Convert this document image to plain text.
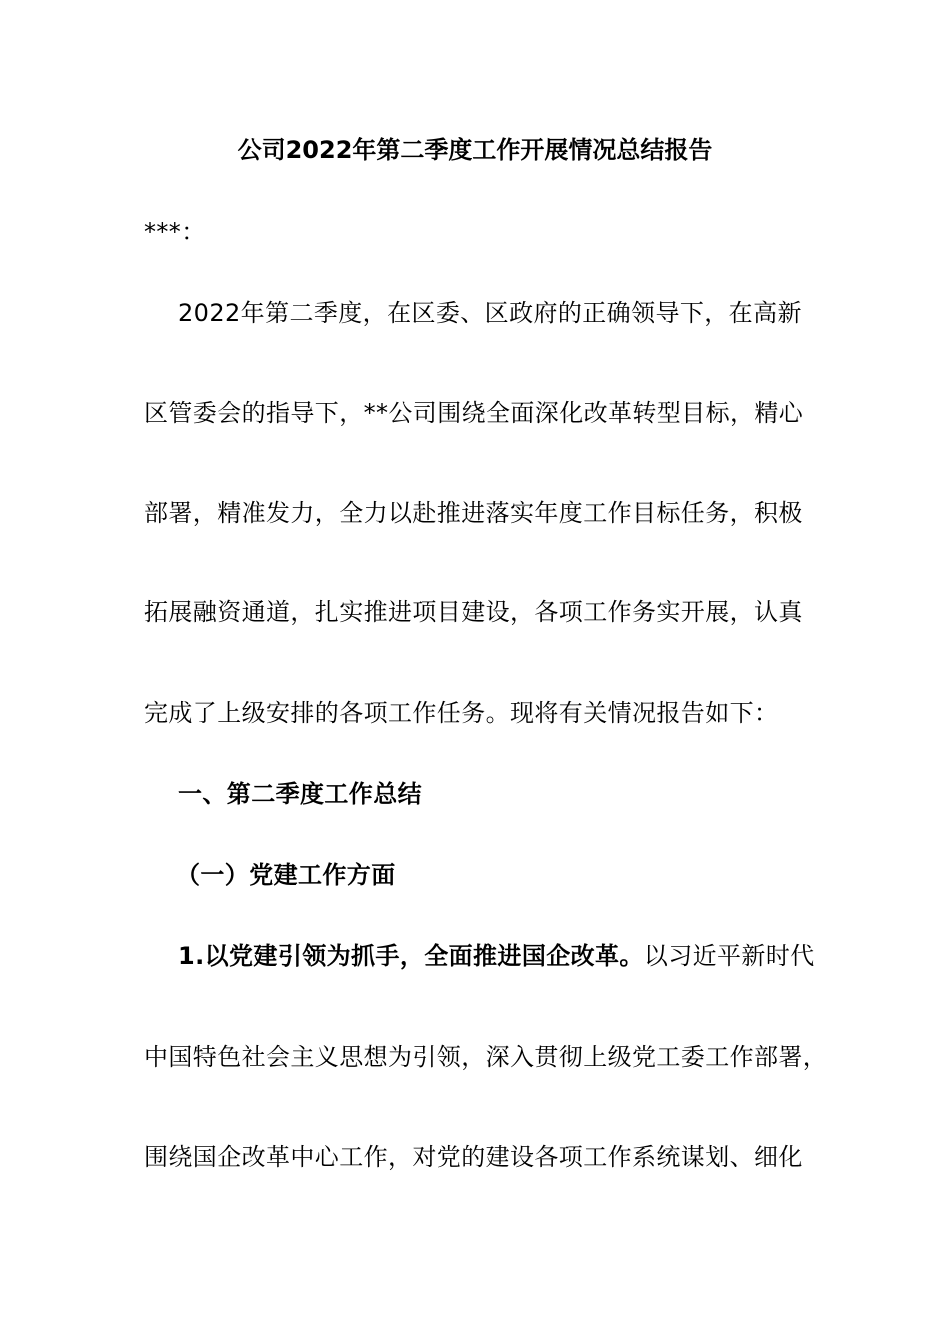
公司2022年第二季度工作开展情况总结报告
***：
2022年第二季度，在区委、区政府的正确领导下，在高新
区管委会的指导下，**公司围绕全面深化改革转型目标，精心
部署，精准发力，全力以赴推进落实年度工作目标任务，积极
拓展融资通道，扎实推进项目建设，各项工作务实开展，认真
完成了上级安排的各项工作任务。现将有关情况报告如下：
一、第二季度工作总结
（一）党建工作方面
1.以党建引领为抓手，全面推进国企改革。以习近平新时代
中国特色社会主义思想为引领，深入贯彻上级党工委工作部署，
围绕国企改革中心工作，对党的建设各项工作系统谋划、细化
